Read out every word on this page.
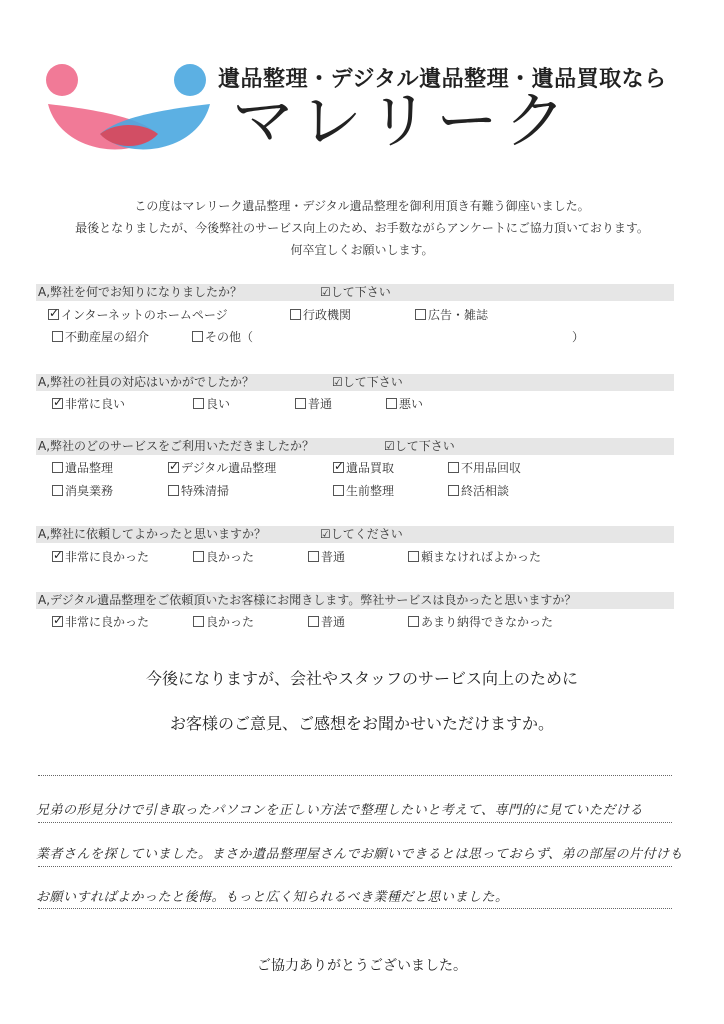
遺品整理・デジタル遺品整理・遺品買取なら
マレリーク
この度はマレリーク遺品整理・デジタル遺品整理を御利用頂き有難う御座いました。
最後となりましたが、今後弊社のサービス向上のため、お手数ながらアンケートにご協力頂いております。
何卒宜しくお願いします。
A,弊社を何でお知りになりましたか？	☑して下さい
✓インターネットのホームページ	行政機関	広告・雑誌
不動産屋の紹介	その他（	）
A,弊社の社員の対応はいかがでしたか？	☑して下さい
✓非常に良い	良い	普通	悪い
A,弊社のどのサービスをご利用いただきましたか？	☑して下さい
遺品整理 ✓	デジタル遺品整理 ✓	遺品買取	不用品回収
消臭業務	特殊清掃	生前整理	終活相談
A,弊社に依頼してよかったと思いますか？	☑してください
✓非常に良かった	良かった	普通	頼まなければよかった
A,デジタル遺品整理をご依頼頂いたお客様にお聞きします。弊社サービスは良かったと思いますか？
✓非常に良かった	良かった	普通	あまり納得できなかった
今後になりますが、会社やスタッフのサービス向上のために
お客様のご意見、ご感想をお聞かせいただけますか。
兄弟の形見分けで引き取ったパソコンを正しい方法で整理したいと考えて、専門的に見ていただける
業者さんを探していました。まさか遺品整理屋さんでお願いできるとは思っておらず、弟の部屋の片付けも
お願いすればよかったと後悔。もっと広く知られるべき業種だと思いました。
ご協力ありがとうございました。
